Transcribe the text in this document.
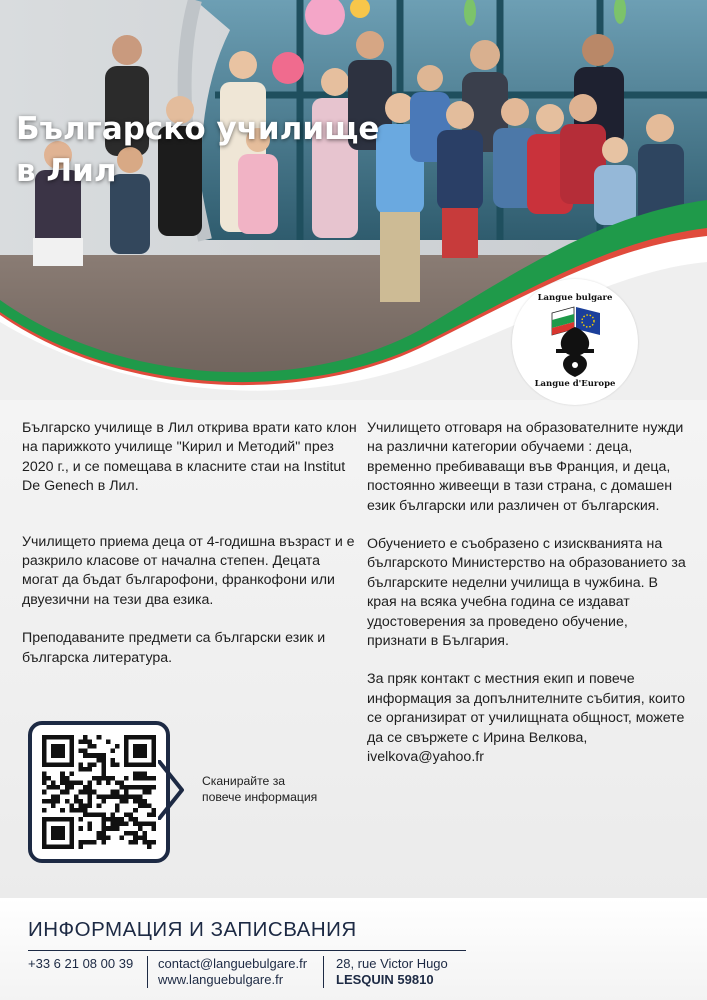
Българско училище
в Лил
Langue bulgare
Langue d'Europe

Българско училище в Лил открива врати като клон на парижкото училище "Кирил и Методий" през 2020 г., и се помещава в класните стаи на Institut De Genech в Лил.

Училището приема деца от 4-годишна възраст и е разкрило класове от начална степен. Децата могат да бъдат българофони, франкофони или двуезични на тези два езика.

Преподаваните предмети са български език и българска литература.

Училището отговаря на образователните нужди на различни категории обучаеми : деца, временно пребиваващи във Франция, и деца, постоянно живеещи в тази страна, с домашен език български или различен от българския.

Обучението е съобразено с изискванията на българското Министерство на образованието за българските неделни училища в чужбина. В края на всяка учебна година се издават удостоверения за проведено обучение, признати в България.

За пряк контакт с местния екип и повече информация за допълнителните събития, които се организират от училищната общност, можете да се свържете с Ирина Велкова, ivelkova@yahoo.fr

Сканирайте за
повече информация
ИНФОРМАЦИЯ И ЗАПИСВАНИЯ
+33 6 21 08 00 39 contact@languebulgare.fr
www.languebulgare.fr
28, rue Victor Hugo
LESQUIN 59810
